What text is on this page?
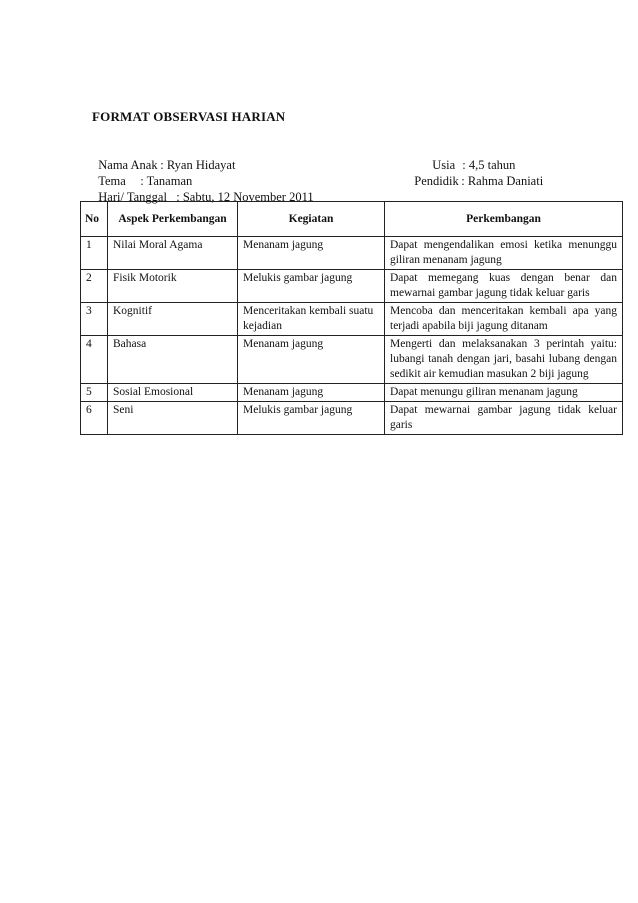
FORMAT OBSERVASI HARIAN

Nama Anak : Ryan Hidayat	Usia : 4,5 tahun

Tema : Tanaman	Pendidik : Rahma Daniati

Hari/ Tanggal : Sabtu, 12 November 2011

No	Aspek Perkembangan	Kegiatan	Perkembangan
1	Nilai Moral Agama	Menanam jagung	Dapat mengendalikan emosi ketika menunggu giliran menanam jagung
2	Fisik Motorik	Melukis gambar jagung	Dapat memegang kuas dengan benar dan mewarnai gambar jagung tidak keluar garis
3	Kognitif	Menceritakan kembali suatu kejadian	Mencoba dan menceritakan kembali apa yang terjadi apabila biji jagung ditanam
4	Bahasa	Menanam jagung	Mengerti dan melaksanakan 3 perintah yaitu: lubangi tanah dengan jari, basahi lubang dengan sedikit air kemudian masukan 2 biji jagung
5	Sosial Emosional	Menanam jagung	Dapat menungu giliran menanam jagung
6	Seni	Melukis gambar jagung	Dapat mewarnai gambar jagung tidak keluar garis
